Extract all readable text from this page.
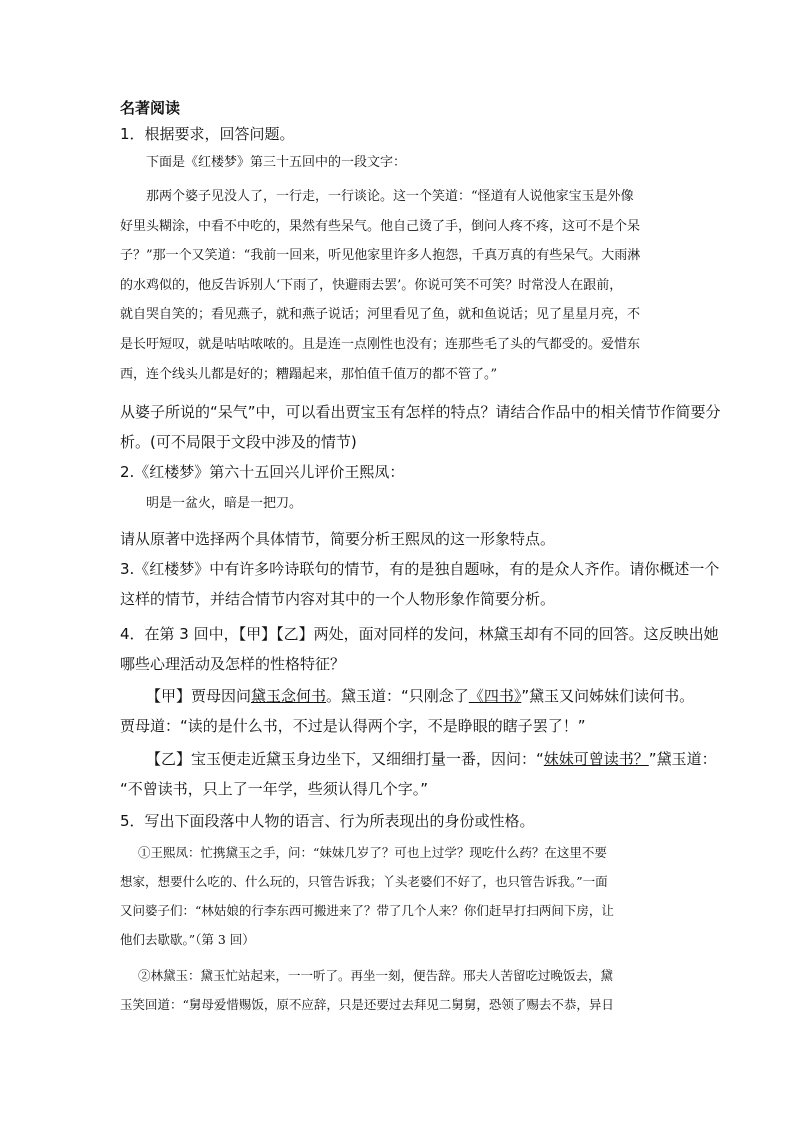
名著阅读
1．根据要求，回答问题。
下面是《红楼梦》第三十五回中的一段文字：
那两个婆子见没人了，一行走，一行谈论。这一个笑道：“怪道有人说他家宝玉是外像
好里头糊涂，中看不中吃的，果然有些呆气。他自己烫了手，倒问人疼不疼，这可不是个呆
子？”那一个又笑道：“我前一回来，听见他家里许多人抱怨，千真万真的有些呆气。大雨淋
的水鸡似的，他反告诉别人‘下雨了，快避雨去罢’。你说可笑不可笑？时常没人在跟前，
就自哭自笑的；看见燕子，就和燕子说话；河里看见了鱼，就和鱼说话；见了星星月亮，不
是长吁短叹，就是咕咕哝哝的。且是连一点刚性也没有；连那些毛了头的气都受的。爱惜东
西，连个线头儿都是好的；糟蹋起来，那怕值千值万的都不管了。”
从婆子所说的“呆气”中，可以看出贾宝玉有怎样的特点？请结合作品中的相关情节作简要分
析。(可不局限于文段中涉及的情节)
2.《红楼梦》第六十五回兴儿评价王熙凤：
明是一盆火，暗是一把刀。
请从原著中选择两个具体情节，简要分析王熙凤的这一形象特点。
3.《红楼梦》中有许多吟诗联句的情节，有的是独自题咏，有的是众人齐作。请你概述一个
这样的情节，并结合情节内容对其中的一个人物形象作简要分析。
4．在第 3 回中，【甲】【乙】两处，面对同样的发问，林黛玉却有不同的回答。这反映出她
哪些心理活动及怎样的性格特征？
【甲】贾母因问黛玉念何书。黛玉道：“只刚念了《四书》”黛玉又问姊妹们读何书。
贾母道：“读的是什么书，不过是认得两个字，不是睁眼的瞎子罢了！”
【乙】宝玉便走近黛玉身边坐下，又细细打量一番，因问：“妹妹可曾读书？”黛玉道：
“不曾读书，只上了一年学，些须认得几个字。”
5．写出下面段落中人物的语言、行为所表现出的身份或性格。
①王熙凤：忙携黛玉之手，问：“妹妹几岁了？可也上过学？现吃什么药？在这里不要
想家，想要什么吃的、什么玩的，只管告诉我；丫头老婆们不好了，也只管告诉我。”一面
又问婆子们：“林姑娘的行李东西可搬进来了？带了几个人来？你们赶早打扫两间下房，让
他们去歇歇。”（第 3 回）
②林黛玉：黛玉忙站起来，一一听了。再坐一刻，便告辞。邢夫人苦留吃过晚饭去，黛
玉笑回道：“舅母爱惜赐饭，原不应辞，只是还要过去拜见二舅舅，恐领了赐去不恭，异日
